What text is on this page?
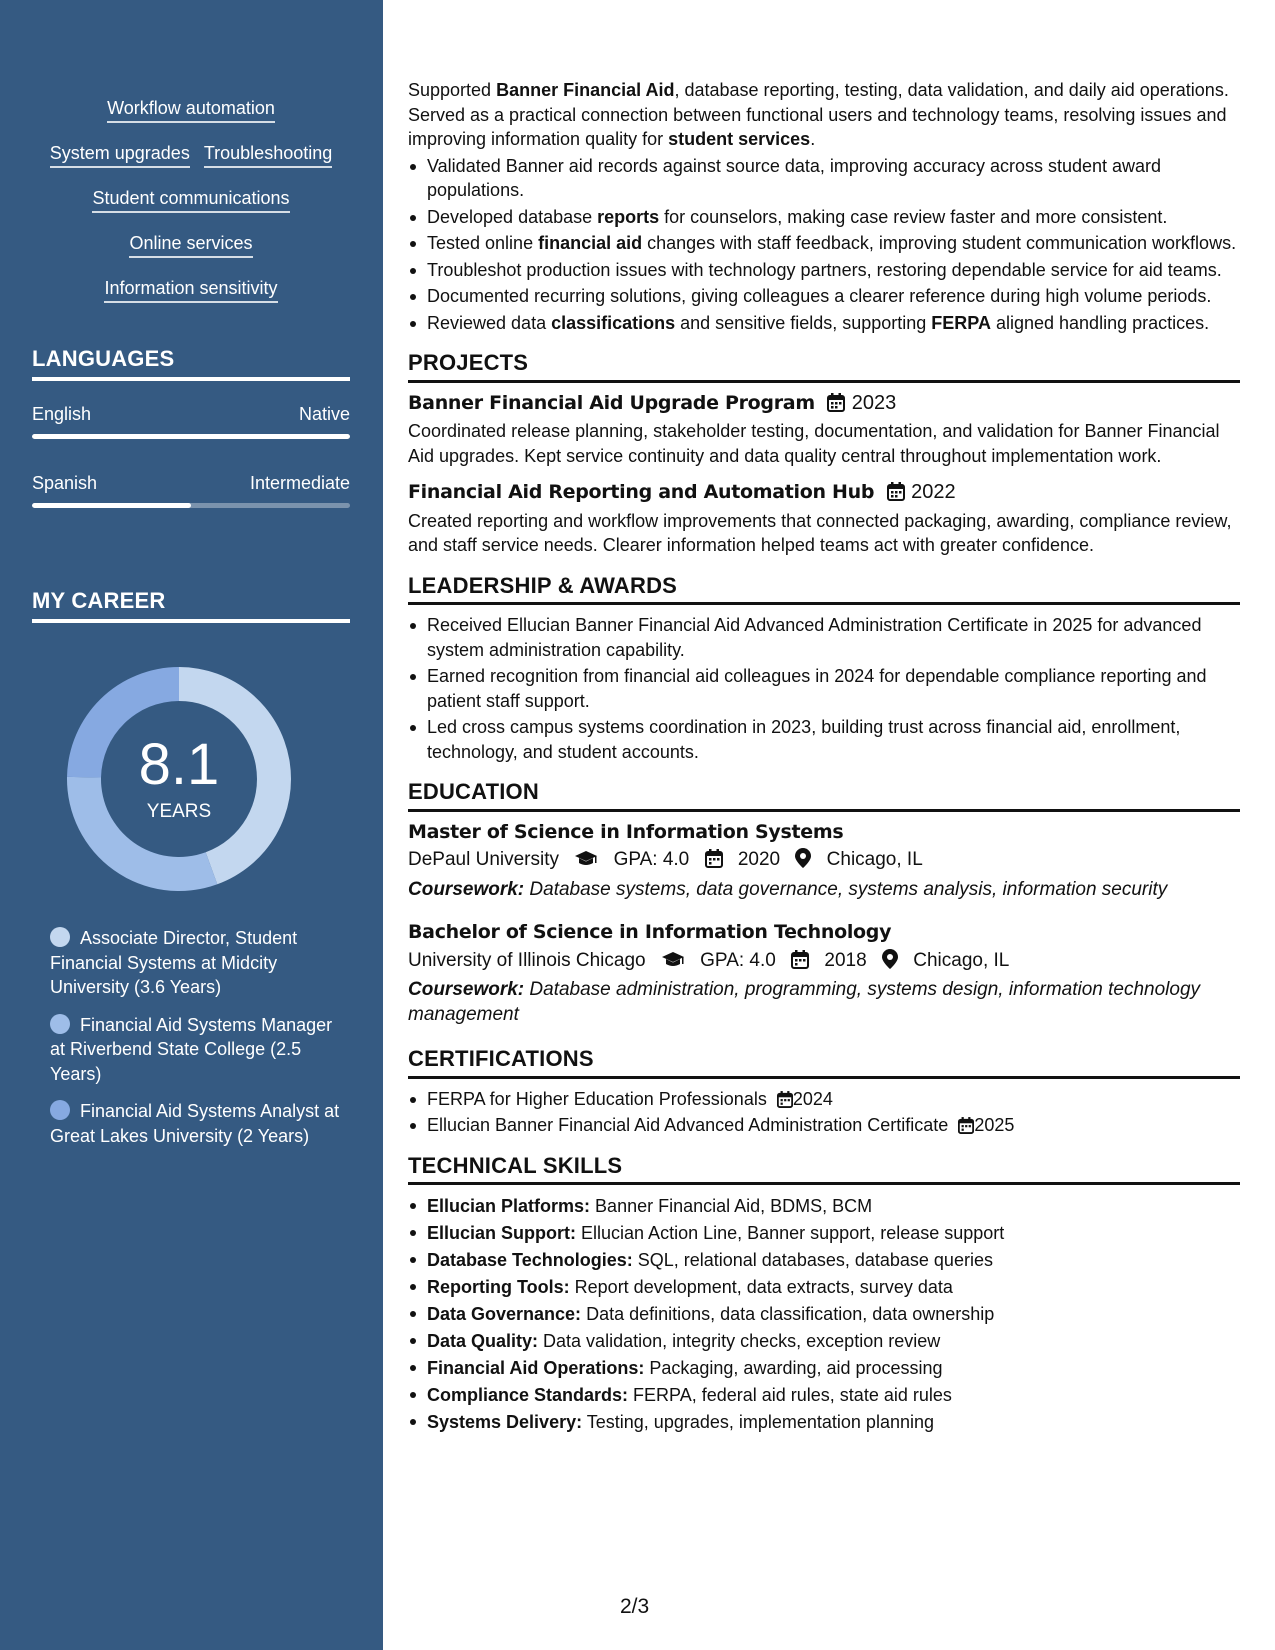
Workflow automation
System upgrades Troubleshooting
Student communications
Online services
Information sensitivity
LANGUAGES
English	Native
Spanish	Intermediate
MY CAREER
8.1
YEARS
Associate Director, Student Financial Systems at Midcity University (3.6 Years)
Financial Aid Systems Manager at Riverbend State College (2.5 Years)
Financial Aid Systems Analyst at Great Lakes University (2 Years)

Supported Banner Financial Aid, database reporting, testing, data validation, and daily aid operations. Served as a practical connection between functional users and technology teams, resolving issues and improving information quality for student services.

Validated Banner aid records against source data, improving accuracy across student award populations.
Developed database reports for counselors, making case review faster and more consistent.
Tested online financial aid changes with staff feedback, improving student communication workflows.
Troubleshot production issues with technology partners, restoring dependable service for aid teams.
Documented recurring solutions, giving colleagues a clearer reference during high volume periods.
Reviewed data classifications and sensitive fields, supporting FERPA aligned handling practices.
PROJECTS
Banner Financial Aid Upgrade Program 2023

Coordinated release planning, stakeholder testing, documentation, and validation for Banner Financial Aid upgrades. Kept service continuity and data quality central throughout implementation work.

Financial Aid Reporting and Automation Hub 2022

Created reporting and workflow improvements that connected packaging, awarding, compliance review, and staff service needs. Clearer information helped teams act with greater confidence.

LEADERSHIP & AWARDS
Received Ellucian Banner Financial Aid Advanced Administration Certificate in 2025 for advanced system administration capability.
Earned recognition from financial aid colleagues in 2024 for dependable compliance reporting and patient staff support.
Led cross campus systems coordination in 2023, building trust across financial aid, enrollment, technology, and student accounts.
EDUCATION
Master of Science in Information Systems
DePaul University	GPA: 4.0	2020 Chicago, IL
Coursework: Database systems, data governance, systems analysis, information security
Bachelor of Science in Information Technology
University of Illinois Chicago	GPA: 4.0	2018 Chicago, IL
Coursework: Database administration, programming, systems design, information technology management
CERTIFICATIONS
FERPA for Higher Education Professionals 2024
Ellucian Banner Financial Aid Advanced Administration Certificate 2025
TECHNICAL SKILLS
Ellucian Platforms: Banner Financial Aid, BDMS, BCM
Ellucian Support: Ellucian Action Line, Banner support, release support
Database Technologies: SQL, relational databases, database queries
Reporting Tools: Report development, data extracts, survey data
Data Governance: Data definitions, data classification, data ownership
Data Quality: Data validation, integrity checks, exception review
Financial Aid Operations: Packaging, awarding, aid processing
Compliance Standards: FERPA, federal aid rules, state aid rules
Systems Delivery: Testing, upgrades, implementation planning
2/3
